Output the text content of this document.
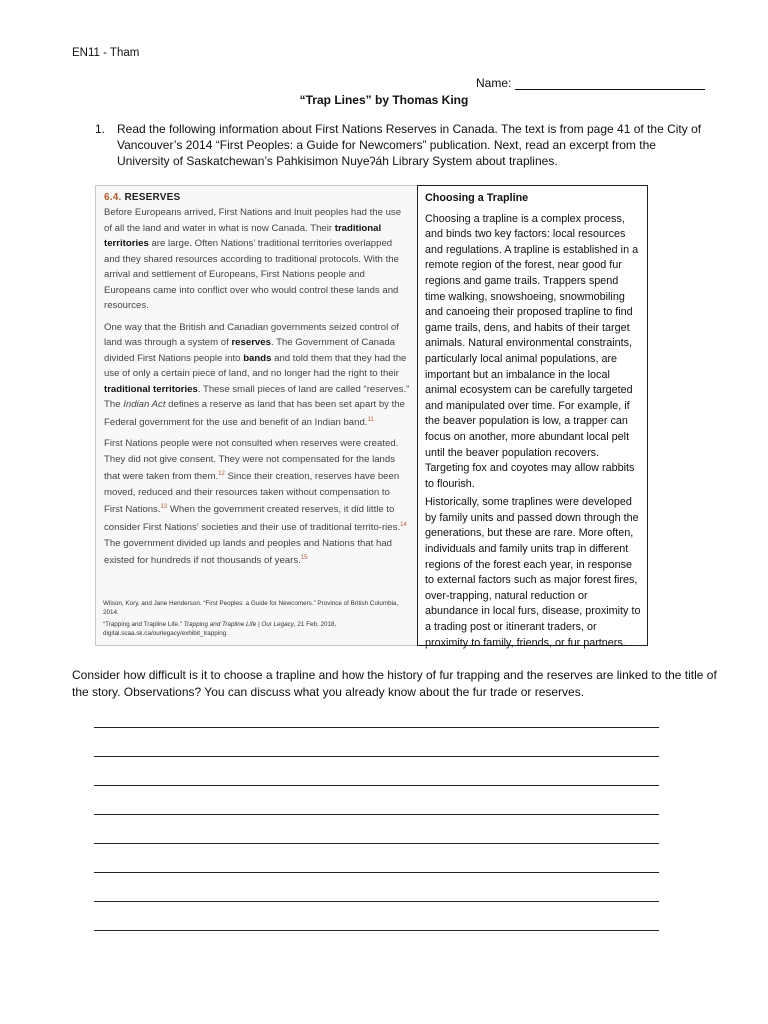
EN11 - Tham
Name:
“Trap Lines” by Thomas King
1. Read the following information about First Nations Reserves in Canada. The text is from page 41 of the City of Vancouver’s 2014 “First Peoples: a Guide for Newcomers” publication. Next, read an excerpt from the University of Saskatchewan’s Pahkisimon Nuyeʔáh Library System about traplines.
6.4. RESERVES

Before Europeans arrived, First Nations and Inuit peoples had the use of all the land and water in what is now Canada. Their traditional territories are large. Often Nations’ traditional territories overlapped and they shared resources according to traditional protocols. With the arrival and settlement of Europeans, First Nations people and Europeans came into conflict over who would control these lands and resources.

One way that the British and Canadian governments seized control of land was through a system of reserves. The Government of Canada divided First Nations people into bands and told them that they had the use of only a certain piece of land, and no longer had the right to their traditional territories. These small pieces of land are called “reserves.” The Indian Act defines a reserve as land that has been set apart by the Federal government for the use and benefit of an Indian band.$^{11}$

First Nations people were not consulted when reserves were created. They did not give consent. They were not compensated for the lands that were taken from them.$^{12}$ Since their creation, reserves have been moved, reduced and their resources taken without compensation to First Nations.$^{13}$ When the government created reserves, it did little to consider First Nations’ societies and their use of traditional territo-ries.$^{14}$ The government divided up lands and peoples and Nations that had existed for hundreds if not thousands of years.$^{15}$

Wilson, Kory, and Jane Henderson. “First Peoples: a Guide for Newcomers.” Province of British Columbia, 2014.

“Trapping and Trapline Life.” Trapping and Trapline Life | Our Legacy, 21 Feb. 2018, digital.scaa.sk.ca/ourlegacy/exhibit_trapping.

Choosing a Trapline

Choosing a trapline is a complex process, and binds two key factors: local resources and regulations. A trapline is established in a remote region of the forest, near good fur regions and game trails. Trappers spend time walking, snowshoeing, snowmobiling and canoeing their proposed trapline to find game trails, dens, and habits of their target animals. Natural environmental constraints, particularly local animal populations, are important but an imbalance in the local animal ecosystem can be carefully targeted and manipulated over time. For example, if the beaver population is low, a trapper can focus on another, more abundant local pelt until the beaver population recovers. Targeting fox and coyotes may allow rabbits to flourish.

Historically, some traplines were developed by family units and passed down through the generations, but these are rare. More often, individuals and family units trap in different regions of the forest each year, in response to external factors such as major forest fires, over-trapping, natural reduction or abundance in local furs, disease, proximity to a trading post or itinerant traders, or proximity to family, friends, or fur partners.

Consider how difficult is it to choose a trapline and how the history of fur trapping and the reserves are linked to the title of the story. Observations? You can discuss what you already know about the fur trade or reserves.
